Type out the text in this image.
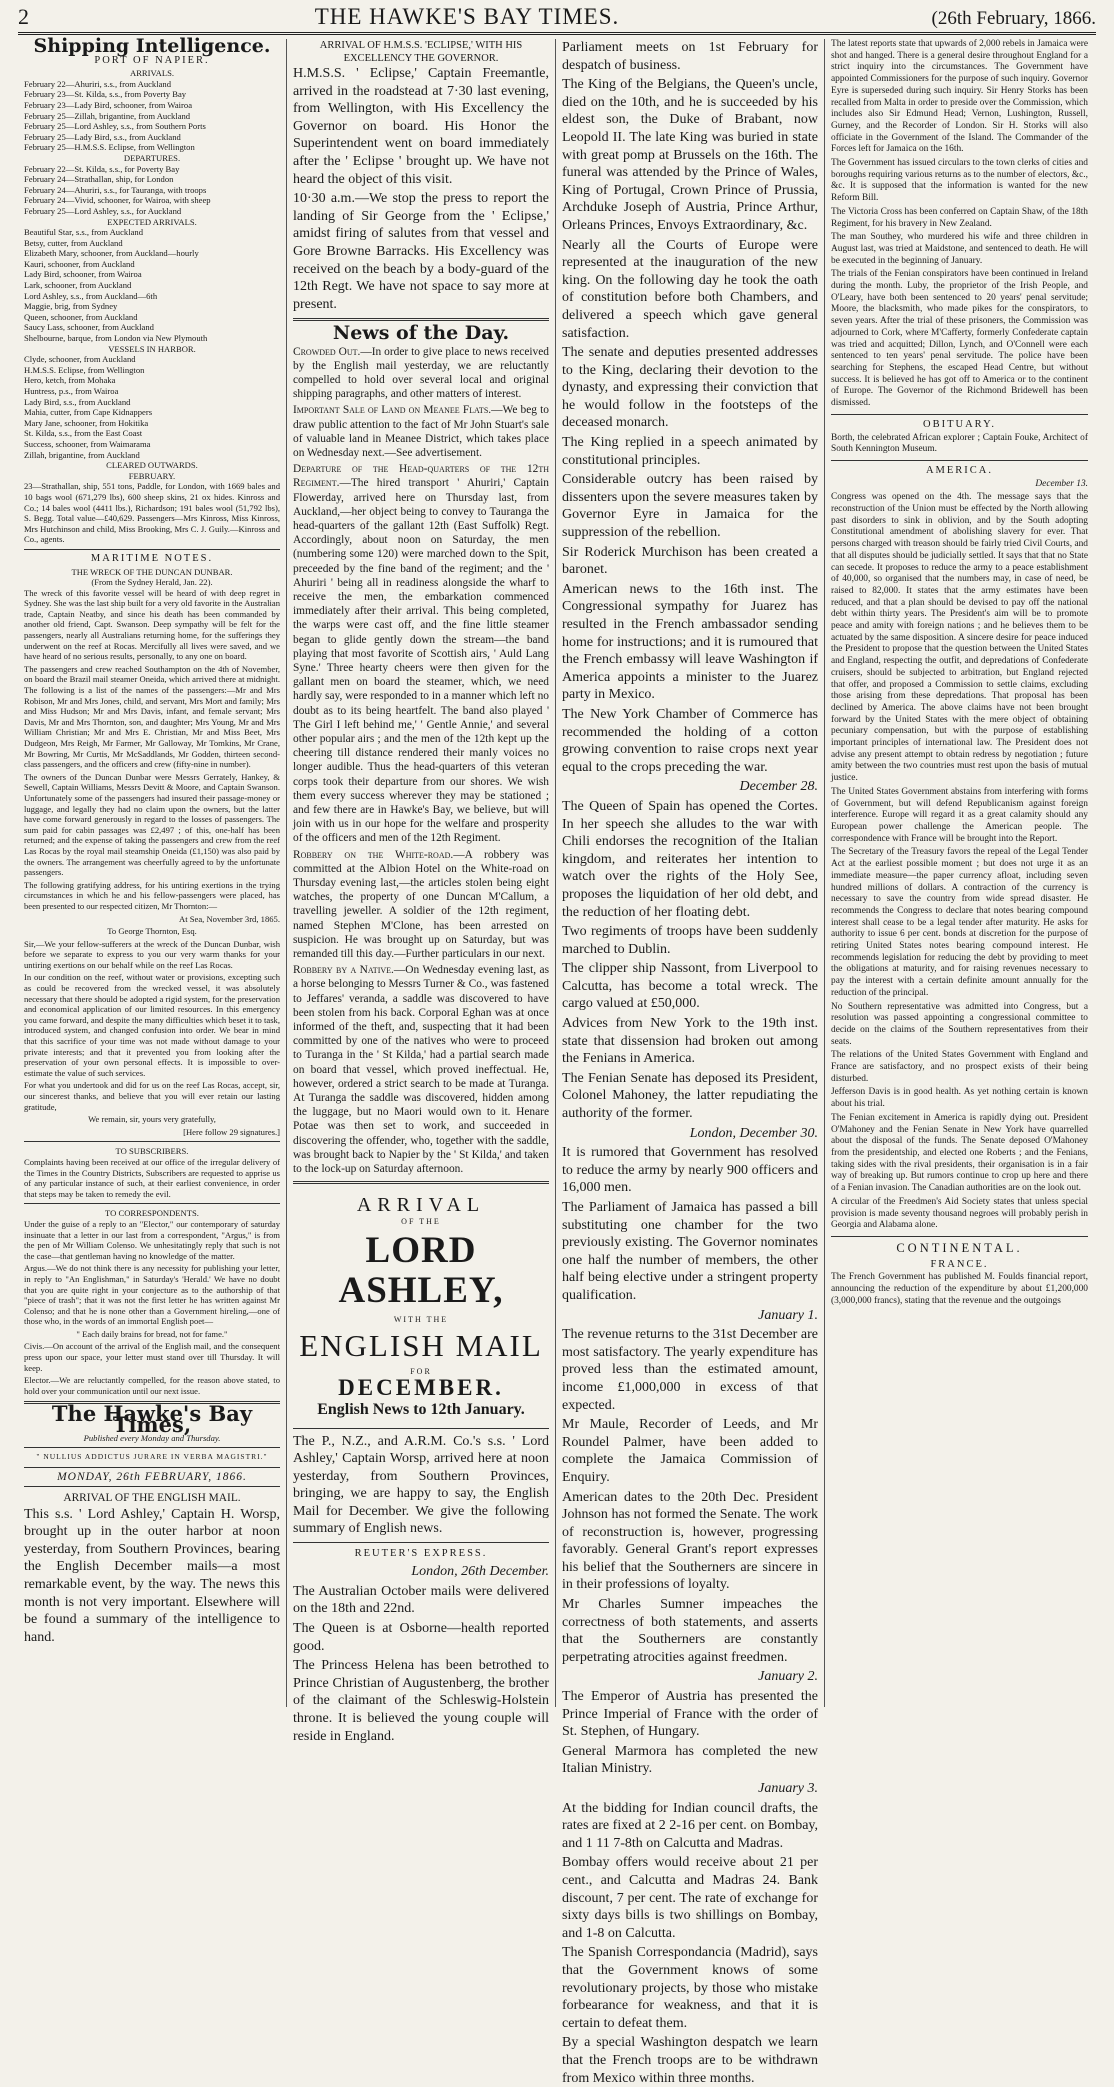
2	THE HAWKE'S BAY TIMES.	(26th February, 1866.
Shipping Intelligence.
PORT OF NAPIER.
ARRIVALS.
February 22—Ahuriri, s.s., from Auckland
February 23—St. Kilda, s.s., from Poverty Bay
February 23—Lady Bird, schooner, from Wairoa
February 25—Zillah, brigantine, from Auckland
February 25—Lord Ashley, s.s., from Southern Ports
February 25—Lady Bird, s.s., from Auckland
February 25—H.M.S.S. Eclipse, from Wellington
DEPARTURES.
February 22—St. Kilda, s.s., for Poverty Bay
February 24—Strathallan, ship, for London
February 24—Ahuriri, s.s., for Tauranga, with troops
February 24—Vivid, schooner, for Wairoa, with sheep
February 25—Lord Ashley, s.s., for Auckland
EXPECTED ARRIVALS.
Beautiful Star, s.s., from Auckland
Betsy, cutter, from Auckland
Elizabeth Mary, schooner, from Auckland—hourly
Kauri, schooner, from Auckland
Lady Bird, schooner, from Wairoa
Lark, schooner, from Auckland
Lord Ashley, s.s., from Auckland—6th
Maggie, brig, from Sydney
Queen, schooner, from Auckland
Saucy Lass, schooner, from Auckland
Shelbourne, barque, from London via New Plymouth
VESSELS IN HARBOR.
Clyde, schooner, from Auckland
H.M.S.S. Eclipse, from Wellington
Hero, ketch, from Mohaka
Huntress, p.s., from Wairoa
Lady Bird, s.s., from Auckland
Mahia, cutter, from Cape Kidnappers
Mary Jane, schooner, from Hokitika
St. Kilda, s.s., from the East Coast
Success, schooner, from Waimarama
Zillah, brigantine, from Auckland
CLEARED OUTWARDS.
FEBRUARY.

23—Strathallan, ship, 551 tons, Paddle, for London, with 1669 bales and 10 bags wool (671,279 lbs), 600 sheep skins, 21 ox hides. Kinross and Co.; 14 bales wool (4411 lbs.), Richardson; 191 bales wool (51,792 lbs), S. Begg. Total value—£40,629. Passengers—Mrs Kinross, Miss Kinross, Mrs Hutchinson and child, Miss Brooking, Mrs C. J. Guily.—Kinross and Co., agents.

MARITIME NOTES.
THE WRECK OF THE DUNCAN DUNBAR.
(From the Sydney Herald, Jan. 22).

The wreck of this favorite vessel will be heard of with deep regret in Sydney. She was the last ship built for a very old favorite in the Australian trade, Captain Neatby, and since his death has been commanded by another old friend, Capt. Swanson. Deep sympathy will be felt for the passengers, nearly all Australians returning home, for the sufferings they underwent on the reef at Rocas. Mercifully all lives were saved, and we have heard of no serious results, personally, to any one on board.

The passengers and crew reached Southampton on the 4th of November, on board the Brazil mail steamer Oneida, which arrived there at midnight. The following is a list of the names of the passengers:—Mr and Mrs Robison, Mr and Mrs Jones, child, and servant, Mrs Mort and family; Mrs and Miss Hudson; Mr and Mrs Davis, infant, and female servant; Mrs Davis, Mr and Mrs Thornton, son, and daughter; Mrs Young, Mr and Mrs William Christian; Mr and Mrs E. Christian, Mr and Miss Beet, Mrs Dudgeon, Mrs Reigh, Mr Farmer, Mr Galloway, Mr Tomkins, Mr Crane, Mr Bowring, Mr Curtis, Mr McSaddlands, Mr Godden, thirteen second-class passengers, and the officers and crew (fifty-nine in number).

The owners of the Duncan Dunbar were Messrs Gerrately, Hankey, & Sewell, Captain Williams, Messrs Devitt & Moore, and Captain Swanson. Unfortunately some of the passengers had insured their passage-money or luggage, and legally they had no claim upon the owners, but the latter have come forward generously in regard to the losses of passengers. The sum paid for cabin passages was £2,497 ; of this, one-half has been returned; and the expense of taking the passengers and crew from the reef Las Rocas by the royal mail steamship Oneida (£1,150) was also paid by the owners. The arrangement was cheerfully agreed to by the unfortunate passengers.

The following gratifying address, for his untiring exertions in the trying circumstances in which he and his fellow-passengers were placed, has been presented to our respected citizen, Mr Thornton:—

At Sea, November 3rd, 1865.

To George Thornton, Esq.

Sir,—We your fellow-sufferers at the wreck of the Duncan Dunbar, wish before we separate to express to you our very warm thanks for your untiring exertions on our behalf while on the reef Las Rocas.

In our condition on the reef, without water or provisions, excepting such as could be recovered from the wrecked vessel, it was absolutely necessary that there should be adopted a rigid system, for the preservation and economical application of our limited resources. In this emergency you came forward, and despite the many difficulties which beset it to task, introduced system, and changed confusion into order. We bear in mind that this sacrifice of your time was not made without damage to your private interests; and that it prevented you from looking after the preservation of your own personal effects. It is impossible to over-estimate the value of such services.

For what you undertook and did for us on the reef Las Rocas, accept, sir, our sincerest thanks, and believe that you will ever retain our lasting gratitude,

We remain, sir, yours very gratefully,

[Here follow 29 signatures.]

TO SUBSCRIBERS.

Complaints having been received at our office of the irregular delivery of the Times in the Country Districts, Subscribers are requested to apprise us of any particular instance of such, at their earliest convenience, in order that steps may be taken to remedy the evil.

TO CORRESPONDENTS.

Under the guise of a reply to an "Elector," our contemporary of saturday insinuate that a letter in our last from a correspondent, "Argus," is from the pen of Mr William Colenso. We unhesitatingly reply that such is not the case—that gentleman having no knowledge of the matter.

Argus.—We do not think there is any necessity for publishing your letter, in reply to "An Englishman," in Saturday's 'Herald.' We have no doubt that you are quite right in your conjecture as to the authorship of that "piece of trash"; that it was not the first letter he has written against Mr Colenso; and that he is none other than a Government hireling,—one of those who, in the words of an immortal English poet—

" Each daily brains for bread, not for fame."

Civis.—On account of the arrival of the English mail, and the consequent press upon our space, your letter must stand over till Thursday. It will keep.

Elector.—We are reluctantly compelled, for the reason above stated, to hold over your communication until our next issue.

The Hawke's Bay Times,
Published every Monday and Thursday.
" NULLIUS ADDICTUS JURARE IN VERBA MAGISTRI."
MONDAY, 26th FEBRUARY, 1866.
ARRIVAL OF THE ENGLISH MAIL.

This s.s. ' Lord Ashley,' Captain H. Worsp, brought up in the outer harbor at noon yesterday, from Southern Provinces, bearing the English December mails—a most remarkable event, by the way. The news this month is not very important. Elsewhere will be found a summary of the intelligence to hand.

ARRIVAL OF H.M.S.S. 'ECLIPSE,' WITH HIS EXCELLENCY THE GOVERNOR.

H.M.S.S. ' Eclipse,' Captain Freemantle, arrived in the roadstead at 7·30 last evening, from Wellington, with His Excellency the Governor on board. His Honor the Superintendent went on board immediately after the ' Eclipse ' brought up. We have not heard the object of this visit.

10·30 a.m.—We stop the press to report the landing of Sir George from the ' Eclipse,' amidst firing of salutes from that vessel and Gore Browne Barracks. His Excellency was received on the beach by a body-guard of the 12th Regt. We have not space to say more at present.

News of the Day.

Crowded Out.—In order to give place to news received by the English mail yesterday, we are reluctantly compelled to hold over several local and original shipping paragraphs, and other matters of interest.

Important Sale of Land on Meanee Flats.—We beg to draw public attention to the fact of Mr John Stuart's sale of valuable land in Meanee District, which takes place on Wednesday next.—See advertisement.

Departure of the Head-quarters of the 12th Regiment.—The hired transport ' Ahuriri,' Captain Flowerday, arrived here on Thursday last, from Auckland,—her object being to convey to Tauranga the head-quarters of the gallant 12th (East Suffolk) Regt. Accordingly, about noon on Saturday, the men (numbering some 120) were marched down to the Spit, preceeded by the fine band of the regiment; and the ' Ahuriri ' being all in readiness alongside the wharf to receive the men, the embarkation commenced immediately after their arrival. This being completed, the warps were cast off, and the fine little steamer began to glide gently down the stream—the band playing that most favorite of Scottish airs, ' Auld Lang Syne.' Three hearty cheers were then given for the gallant men on board the steamer, which, we need hardly say, were responded to in a manner which left no doubt as to its being heartfelt. The band also played ' The Girl I left behind me,' ' Gentle Annie,' and several other popular airs ; and the men of the 12th kept up the cheering till distance rendered their manly voices no longer audible. Thus the head-quarters of this veteran corps took their departure from our shores. We wish them every success wherever they may be stationed ; and few there are in Hawke's Bay, we believe, but will join with us in our hope for the welfare and prosperity of the officers and men of the 12th Regiment.

Robbery on the White-road.—A robbery was committed at the Albion Hotel on the White-road on Thursday evening last,—the articles stolen being eight watches, the property of one Duncan M'Callum, a travelling jeweller. A soldier of the 12th regiment, named Stephen M'Clone, has been arrested on suspicion. He was brought up on Saturday, but was remanded till this day.—Further particulars in our next.

Robbery by a Native.—On Wednesday evening last, as a horse belonging to Messrs Turner & Co., was fastened to Jeffares' veranda, a saddle was discovered to have been stolen from his back. Corporal Eghan was at once informed of the theft, and, suspecting that it had been committed by one of the natives who were to proceed to Turanga in the ' St Kilda,' had a partial search made on board that vessel, which proved ineffectual. He, however, ordered a strict search to be made at Turanga. At Turanga the saddle was discovered, hidden among the luggage, but no Maori would own to it. Henare Potae was then set to work, and succeeded in discovering the offender, who, together with the saddle, was brought back to Napier by the ' St Kilda,' and taken to the lock-up on Saturday afternoon.

ARRIVAL
OF THE
LORD ASHLEY,
WITH THE
ENGLISH MAIL
FOR
DECEMBER.
English News to 12th January.

The P., N.Z., and A.R.M. Co.'s s.s. ' Lord Ashley,' Captain Worsp, arrived here at noon yesterday, from Southern Provinces, bringing, we are happy to say, the English Mail for December. We give the following summary of English news.

REUTER'S EXPRESS.

London, 26th December.

The Australian October mails were delivered on the 18th and 22nd.

The Queen is at Osborne—health reported good.

The Princess Helena has been betrothed to Prince Christian of Augustenberg, the brother of the claimant of the Schleswig-Holstein throne. It is believed the young couple will reside in England.

Parliament meets on 1st February for despatch of business.

The King of the Belgians, the Queen's uncle, died on the 10th, and he is succeeded by his eldest son, the Duke of Brabant, now Leopold II. The late King was buried in state with great pomp at Brussels on the 16th. The funeral was attended by the Prince of Wales, King of Portugal, Crown Prince of Prussia, Archduke Joseph of Austria, Prince Arthur, Orleans Princes, Envoys Extraordinary, &c.

Nearly all the Courts of Europe were represented at the inauguration of the new king. On the following day he took the oath of constitution before both Chambers, and delivered a speech which gave general satisfaction.

The senate and deputies presented addresses to the King, declaring their devotion to the dynasty, and expressing their conviction that he would follow in the footsteps of the deceased monarch.

The King replied in a speech animated by constitutional principles.

Considerable outcry has been raised by dissenters upon the severe measures taken by Governor Eyre in Jamaica for the suppression of the rebellion.

Sir Roderick Murchison has been created a baronet.

American news to the 16th inst. The Congressional sympathy for Juarez has resulted in the French ambassador sending home for instructions; and it is rumoured that the French embassy will leave Washington if America appoints a minister to the Juarez party in Mexico.

The New York Chamber of Commerce has recommended the holding of a cotton growing convention to raise crops next year equal to the crops preceding the war.

December 28.

The Queen of Spain has opened the Cortes. In her speech she alludes to the war with Chili endorses the recognition of the Italian kingdom, and reiterates her intention to watch over the rights of the Holy See, proposes the liquidation of her old debt, and the reduction of her floating debt.

Two regiments of troops have been suddenly marched to Dublin.

The clipper ship Nassont, from Liverpool to Calcutta, has become a total wreck. The cargo valued at £50,000.

Advices from New York to the 19th inst. state that dissension had broken out among the Fenians in America.

The Fenian Senate has deposed its President, Colonel Mahoney, the latter repudiating the authority of the former.

London, December 30.

It is rumored that Government has resolved to reduce the army by nearly 900 officers and 16,000 men.

The Parliament of Jamaica has passed a bill substituting one chamber for the two previously existing. The Governor nominates one half the number of members, the other half being elective under a stringent property qualification.

January 1.

The revenue returns to the 31st December are most satisfactory. The yearly expenditure has proved less than the estimated amount, income £1,000,000 in excess of that expected.

Mr Maule, Recorder of Leeds, and Mr Roundel Palmer, have been added to complete the Jamaica Commission of Enquiry.

American dates to the 20th Dec. President Johnson has not formed the Senate. The work of reconstruction is, however, progressing favorably. General Grant's report expresses his belief that the Southerners are sincere in in their professions of loyalty.

Mr Charles Sumner impeaches the correctness of both statements, and asserts that the Southerners are constantly perpetrating atrocities against freedmen.

January 2.

The Emperor of Austria has presented the Prince Imperial of France with the order of St. Stephen, of Hungary.

General Marmora has completed the new Italian Ministry.

January 3.

At the bidding for Indian council drafts, the rates are fixed at 2 2-16 per cent. on Bombay, and 1 11 7-8th on Calcutta and Madras.

Bombay offers would receive about 21 per cent., and Calcutta and Madras 24. Bank discount, 7 per cent. The rate of exchange for sixty days bills is two shillings on Bombay, and 1-8 on Calcutta.

The Spanish Correspondancia (Madrid), says that the Government knows of some revolutionary projects, by those who mistake forbearance for weakness, and that it is certain to defeat them.

By a special Washington despatch we learn that the French troops are to be withdrawn from Mexico within three months.

The latest reports state that upwards of 2,000 rebels in Jamaica were shot and hanged. There is a general desire throughout England for a strict inquiry into the circumstances. The Government have appointed Commissioners for the purpose of such inquiry. Governor Eyre is superseded during such inquiry. Sir Henry Storks has been recalled from Malta in order to preside over the Commission, which includes also Sir Edmund Head; Vernon, Lushington, Russell, Gurney, and the Recorder of London. Sir H. Storks will also officiate in the Government of the Island. The Commander of the Forces left for Jamaica on the 16th.

The Government has issued circulars to the town clerks of cities and boroughs requiring various returns as to the number of electors, &c., &c. It is supposed that the information is wanted for the new Reform Bill.

The Victoria Cross has been conferred on Captain Shaw, of the 18th Regiment, for his bravery in New Zealand.

The man Southey, who murdered his wife and three children in August last, was tried at Maidstone, and sentenced to death. He will be executed in the beginning of January.

The trials of the Fenian conspirators have been continued in Ireland during the month. Luby, the proprietor of the Irish People, and O'Leary, have both been sentenced to 20 years' penal servitude; Moore, the blacksmith, who made pikes for the conspirators, to seven years. After the trial of these prisoners, the Commission was adjourned to Cork, where M'Cafferty, formerly Confederate captain was tried and acquitted; Dillon, Lynch, and O'Connell were each sentenced to ten years' penal servitude. The police have been searching for Stephens, the escaped Head Centre, but without success. It is believed he has got off to America or to the continent of Europe. The Governor of the Richmond Bridewell has been dismissed.

OBITUARY.

Borth, the celebrated African explorer ; Captain Fouke, Architect of South Kennington Museum.

AMERICA.

December 13.

Congress was opened on the 4th. The message says that the reconstruction of the Union must be effected by the North allowing past disorders to sink in oblivion, and by the South adopting Constitutional amendment of abolishing slavery for ever. That persons charged with treason should be fairly tried Civil Courts, and that all disputes should be judicially settled. It says that that no State can secede. It proposes to reduce the army to a peace establishment of 40,000, so organised that the numbers may, in case of need, be raised to 82,000. It states that the army estimates have been reduced, and that a plan should be devised to pay off the national debt within thirty years. The President's aim will be to promote peace and amity with foreign nations ; and he believes them to be actuated by the same disposition. A sincere desire for peace induced the President to propose that the question between the United States and England, respecting the outfit, and depredations of Confederate cruisers, should be subjected to arbitration, but England rejected that offer, and proposed a Commission to settle claims, excluding those arising from these depredations. That proposal has been declined by America. The above claims have not been brought forward by the United States with the mere object of obtaining pecuniary compensation, but with the purpose of establishing important principles of international law. The President does not advise any present attempt to obtain redress by negotiation ; future amity between the two countries must rest upon the basis of mutual justice.

The United States Government abstains from interfering with forms of Government, but will defend Republicanism against foreign interference. Europe will regard it as a great calamity should any European power challenge the American people. The correspondence with France will be brought into the Report.

The Secretary of the Treasury favors the repeal of the Legal Tender Act at the earliest possible moment ; but does not urge it as an immediate measure—the paper currency afloat, including seven hundred millions of dollars. A contraction of the currency is necessary to save the country from wide spread disaster. He recommends the Congress to declare that notes bearing compound interest shall cease to be a legal tender after maturity. He asks for authority to issue 6 per cent. bonds at discretion for the purpose of retiring United States notes bearing compound interest. He recommends legislation for reducing the debt by providing to meet the obligations at maturity, and for raising revenues necessary to pay the interest with a certain definite amount annually for the reduction of the principal.

No Southern representative was admitted into Congress, but a resolution was passed appointing a congressional committee to decide on the claims of the Southern representatives from their seats.

The relations of the United States Government with England and France are satisfactory, and no prospect exists of their being disturbed.

Jefferson Davis is in good health. As yet nothing certain is known about his trial.

The Fenian excitement in America is rapidly dying out. President O'Mahoney and the Fenian Senate in New York have quarrelled about the disposal of the funds. The Senate deposed O'Mahoney from the presidentship, and elected one Roberts ; and the Fenians, taking sides with the rival presidents, their organisation is in a fair way of breaking up. But rumors continue to crop up here and there of a Fenian invasion. The Canadian authorities are on the look out.

A circular of the Freedmen's Aid Society states that unless special provision is made seventy thousand negroes will probably perish in Georgia and Alabama alone.

CONTINENTAL.
FRANCE.

The French Government has published M. Foulds financial report, announcing the reduction of the expenditure by about £1,200,000 (3,000,000 francs), stating that the revenue and the outgoings
